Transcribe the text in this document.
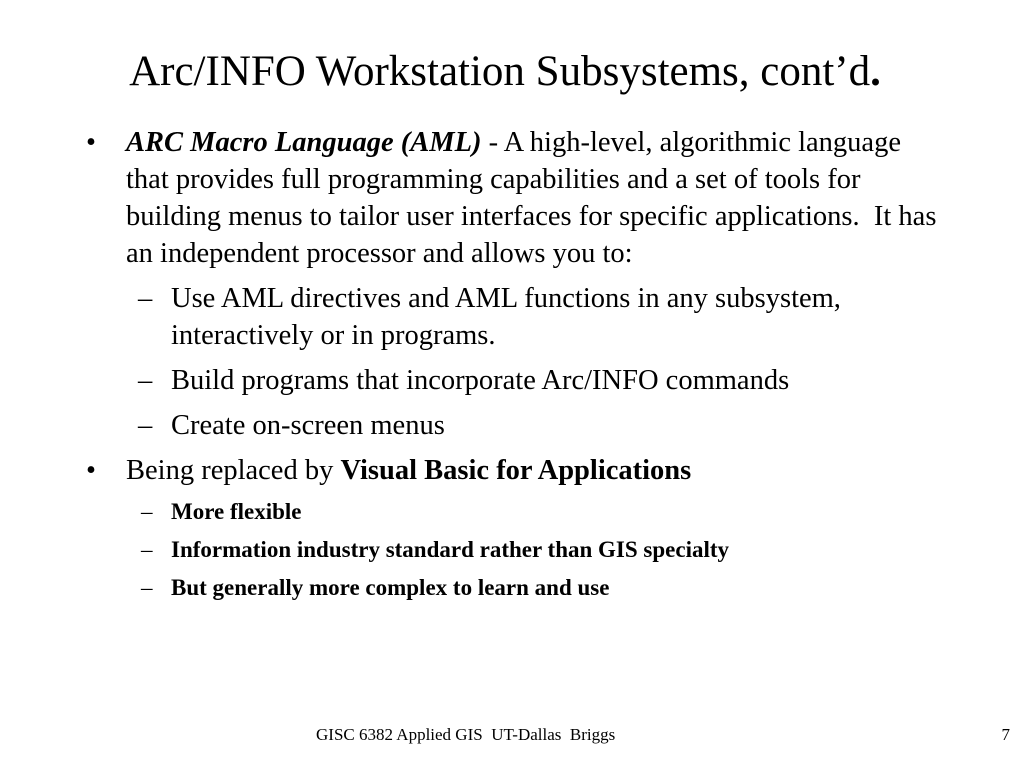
Arc/INFO Workstation Subsystems, cont’d.
• ARC Macro Language (AML) - A high-level, algorithmic language that provides full programming capabilities and a set of tools for building menus to tailor user interfaces for specific applications.  It has an independent processor and allows you to:
– Use AML directives and AML functions in any subsystem, interactively or in programs.
– Build programs that incorporate Arc/INFO commands
– Create on-screen menus
• Being replaced by Visual Basic for Applications
– More flexible
– Information industry standard rather than GIS specialty
– But generally more complex to learn and use
GISC 6382 Applied GIS  UT-Dallas  Briggs	7
